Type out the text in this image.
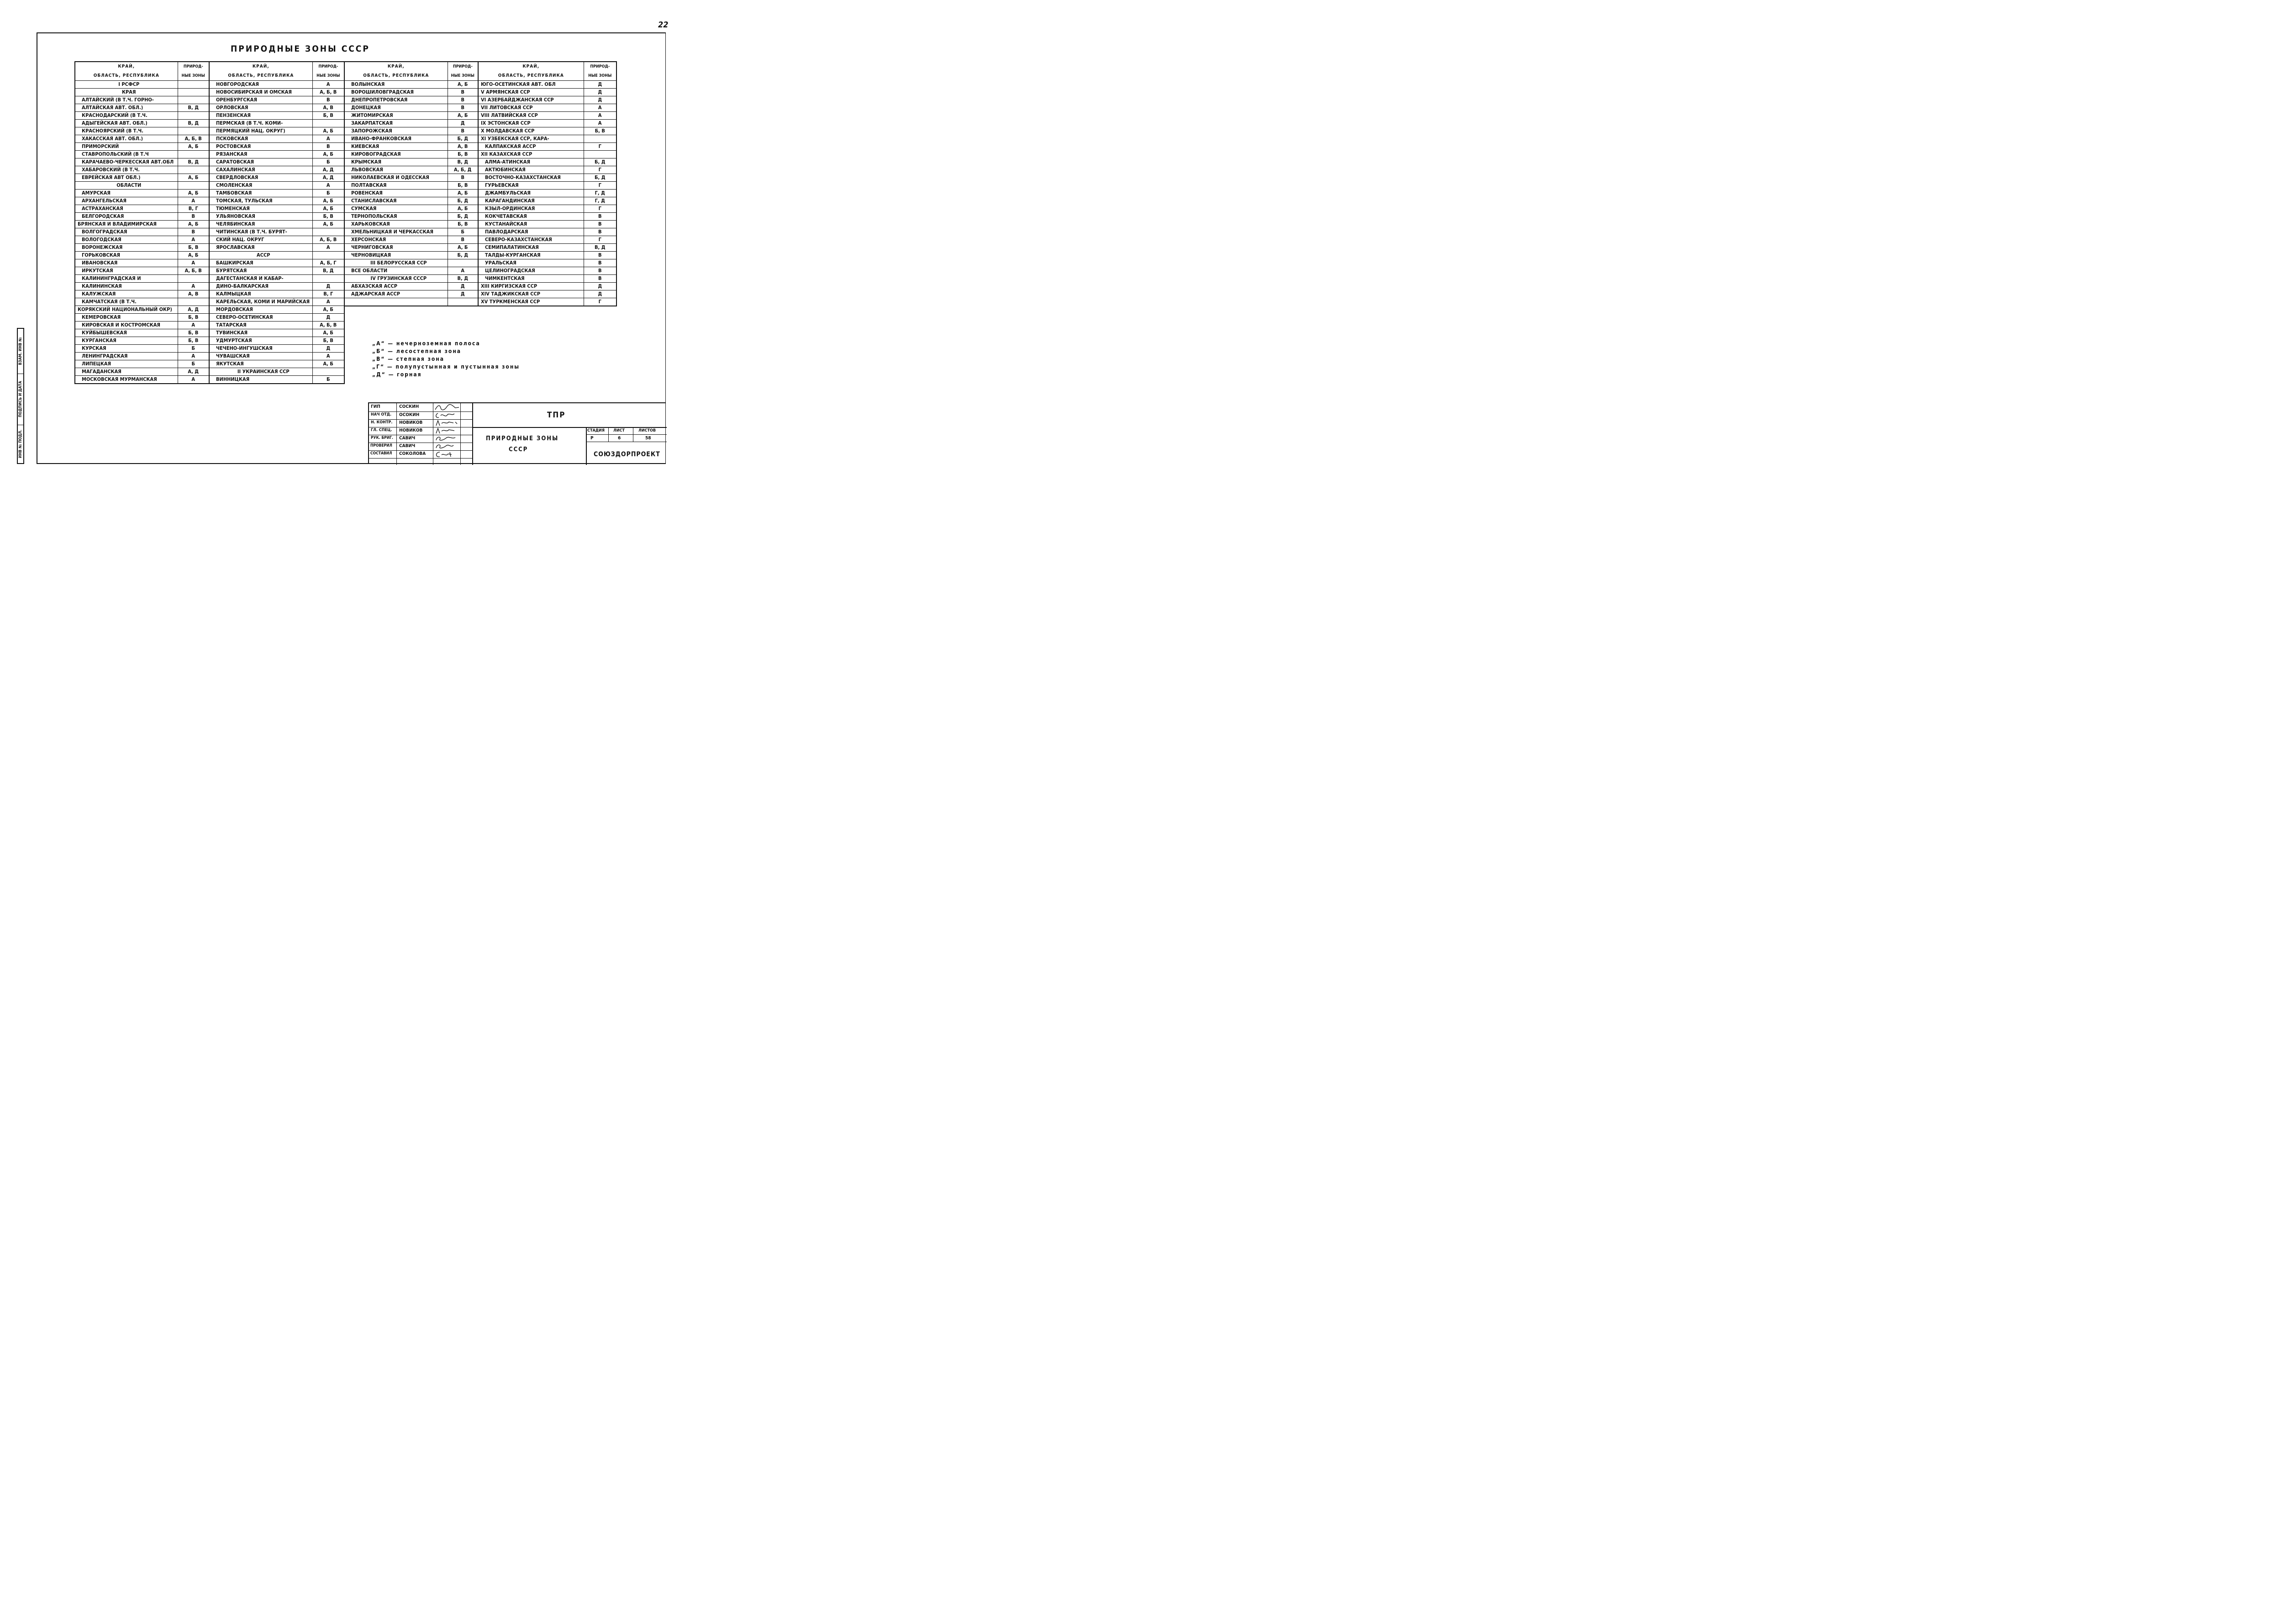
22
ВЗАМ. ИНВ №
ПОДПИСЬ И ДАТА
ИНВ № ПОДЛ.
ПРИРОДНЫЕ ЗОНЫ СССР
КРАЙ,	ПРИРОД-
ОБЛАСТЬ, РЕСПУБЛИКА	НЫЕ ЗОНЫ
I РСФСР	
КРАЯ	
АЛТАЙСКИЙ (В Т.Ч. ГОРНО-	
АЛТАЙСКАЯ АВТ. ОБЛ.)	В, Д
КРАСНОДАРСКИЙ (В Т.Ч.	
АДЫГЕЙСКАЯ АВТ. ОБЛ.)	В, Д
КРАСНОЯРСКИЙ (В Т.Ч.	
ХАКАССКАЯ АВТ. ОБЛ.)	А, Б, В
ПРИМОРСКИЙ	А, Б
СТАВРОПОЛЬСКИЙ (В Т.Ч	
КАРАЧАЕВО-ЧЕРКЕССКАЯ АВТ.ОБЛ	В, Д
ХАБАРОВСКИЙ (В Т.Ч.	
ЕВРЕЙСКАЯ АВТ ОБЛ.)	А, Б
ОБЛАСТИ	
АМУРСКАЯ	А, Б
АРХАНГЕЛЬСКАЯ	А
АСТРАХАНСКАЯ	В, Г
БЕЛГОРОДСКАЯ	В
БРЯНСКАЯ И ВЛАДИМИРСКАЯ	А, Б
ВОЛГОГРАДСКАЯ	В
ВОЛОГОДСКАЯ	А
ВОРОНЕЖСКАЯ	Б, В
ГОРЬКОВСКАЯ	А, Б
ИВАНОВСКАЯ	А
ИРКУТСКАЯ	А, Б, В
КАЛИНИНГРАДСКАЯ И	
КАЛИНИНСКАЯ	А
КАЛУЖСКАЯ	А, В
КАМЧАТСКАЯ (В Т.Ч.	
КОРЯКСКИЙ НАЦИОНАЛЬНЫЙ ОКР)	А, Д
КЕМЕРОВСКАЯ	Б, В
КИРОВСКАЯ И КОСТРОМСКАЯ	А
КУЙБЫШЕВСКАЯ	Б, В
КУРГАНСКАЯ	Б, В
КУРСКАЯ	Б
ЛЕНИНГРАДСКАЯ	А
ЛИПЕЦКАЯ	Б
МАГАДАНСКАЯ	А, Д
МОСКОВСКАЯ МУРМАНСКАЯ	А
КРАЙ,	ПРИРОД-
ОБЛАСТЬ, РЕСПУБЛИКА	НЫЕ ЗОНЫ
НОВГОРОДСКАЯ	А
НОВОСИБИРСКАЯ И ОМСКАЯ	А, Б, В
ОРЕНБУРГСКАЯ	В
ОРЛОВСКАЯ	А, В
ПЕНЗЕНСКАЯ	Б, В
ПЕРМСКАЯ (В Т.Ч. КОМИ-	
ПЕРМЯЦКИЙ НАЦ. ОКРУГ)	А, Б
ПСКОВСКАЯ	А
РОСТОВСКАЯ	В
РЯЗАНСКАЯ	А, Б
САРАТОВСКАЯ	Б
САХАЛИНСКАЯ	А, Д
СВЕРДЛОВСКАЯ	А, Д
СМОЛЕНСКАЯ	А
ТАМБОВСКАЯ	Б
ТОМСКАЯ, ТУЛЬСКАЯ	А, Б
ТЮМЕНСКАЯ	А, Б
УЛЬЯНОВСКАЯ	Б, В
ЧЕЛЯБИНСКАЯ	А, Б
ЧИТИНСКАЯ (В Т.Ч. БУРЯТ-	
СКИЙ НАЦ. ОКРУГ	А, Б, В
ЯРОСЛАВСКАЯ	А
АССР	
БАШКИРСКАЯ	А, Б, Г
БУРЯТСКАЯ	В, Д
ДАГЕСТАНСКАЯ И КАБАР-	
ДИНО-БАЛКАРСКАЯ	Д
КАЛМЫЦКАЯ	В, Г
КАРЕЛЬСКАЯ, КОМИ И МАРИЙСКАЯ	А
МОРДОВСКАЯ	А, Б
СЕВЕРО-ОСЕТИНСКАЯ	Д
ТАТАРСКАЯ	А, Б, В
ТУВИНСКАЯ	А, Б
УДМУРТСКАЯ	Б, В
ЧЕЧЕНО-ИНГУШСКАЯ	Д
ЧУВАШСКАЯ	А
ЯКУТСКАЯ	А, Б
II УКРАИНСКАЯ ССР	
ВИННИЦКАЯ	Б
КРАЙ,	ПРИРОД-
ОБЛАСТЬ, РЕСПУБЛИКА	НЫЕ ЗОНЫ
ВОЛЫНСКАЯ	А, Б
ВОРОШИЛОВГРАДСКАЯ	В
ДНЕПРОПЕТРОВСКАЯ	В
ДОНЕЦКАЯ	В
ЖИТОМИРСКАЯ	А, Б
ЗАКАРПАТСКАЯ	Д
ЗАПОРОЖСКАЯ	В
ИВАНО-ФРАНКОВСКАЯ	Б, Д
КИЕВСКАЯ	А, В
КИРОВОГРАДСКАЯ	Б, В
КРЫМСКАЯ	В, Д
ЛЬВОВСКАЯ	А, Б, Д
НИКОЛАЕВСКАЯ И ОДЕССКАЯ	В
ПОЛТАВСКАЯ	Б, В
РОВЕНСКАЯ	А, Б
СТАНИСЛАВСКАЯ	Б, Д
СУМСКАЯ	А, Б
ТЕРНОПОЛЬСКАЯ	Б, Д
ХАРЬКОВСКАЯ	Б, В
ХМЕЛЬНИЦКАЯ И ЧЕРКАССКАЯ	Б
ХЕРСОНСКАЯ	В
ЧЕРНИГОВСКАЯ	А, Б
ЧЕРНОВИЦКАЯ	Б, Д
III БЕЛОРУССКАЯ ССР	
ВСЕ ОБЛАСТИ	А
IV ГРУЗИНСКАЯ СССР	В, Д
АБХАЗСКАЯ АССР	Д
АДЖАРСКАЯ АССР	Д

КРАЙ,	ПРИРОД-
ОБЛАСТЬ, РЕСПУБЛИКА	НЫЕ ЗОНЫ
ЮГО-ОСЕТИНСКАЯ АВТ. ОБЛ	Д
V АРМЯНСКАЯ ССР	Д
VI АЗЕРБАЙДЖАНСКАЯ ССР	Д
VII ЛИТОВСКАЯ ССР	А
VIII ЛАТВИЙСКАЯ ССР	А
IX ЭСТОНСКАЯ ССР	А
X МОЛДАВСКАЯ ССР	Б, В
XI УЗБЕКСКАЯ ССР, КАРА-	
КАЛПАКСКАЯ АССР	Г
XII КАЗАХСКАЯ ССР	
АЛМА-АТИНСКАЯ	Б, Д
АКТЮБИНСКАЯ	Г
ВОСТОЧНО-КАЗАХСТАНСКАЯ	Б, Д
ГУРЬЕВСКАЯ	Г
ДЖАМБУЛЬСКАЯ	Г, Д
КАРАГАНДИНСКАЯ	Г, Д
КЗЫЛ-ОРДИНСКАЯ	Г
КОКЧЕТАВСКАЯ	В
КУСТАНАЙСКАЯ	В
ПАВЛОДАРСКАЯ	В
СЕВЕРО-КАЗАХСТАНСКАЯ	Г
СЕМИПАЛАТИНСКАЯ	В, Д
ТАЛДЫ-КУРГАНСКАЯ	В
УРАЛЬСКАЯ	В
ЦЕЛИНОГРАДСКАЯ	В
ЧИМКЕНТСКАЯ	В
XIII КИРГИЗСКАЯ ССР	Д
XIV ТАДЖИКСКАЯ ССР	Д
XV ТУРКМЕНСКАЯ ССР	Г
„А“ — нечерноземная полоса
„Б“ — лесостепная зона
„В“ — степная зона
„Г“ — полупустынная и пустынная зоны
„Д“ — горная
ГИП	СОСКИН
НАЧ ОТД. ОСОКИН
Н. КОНТР. НОВИКОВ
ГЛ. СПЕЦ. НОВИКОВ
РУК. БРИГ. САВИЧ
ПРОВЕРИЛ САВИЧ
СОСТАВИЛ СОКОЛОВА
ТПР
ПРИРОДНЫЕ ЗОНЫ
СССР
СТАДИЯ ЛИСТ	ЛИСТОВ
Р	6	58
СОЮЗДОРПРОЕКТ
